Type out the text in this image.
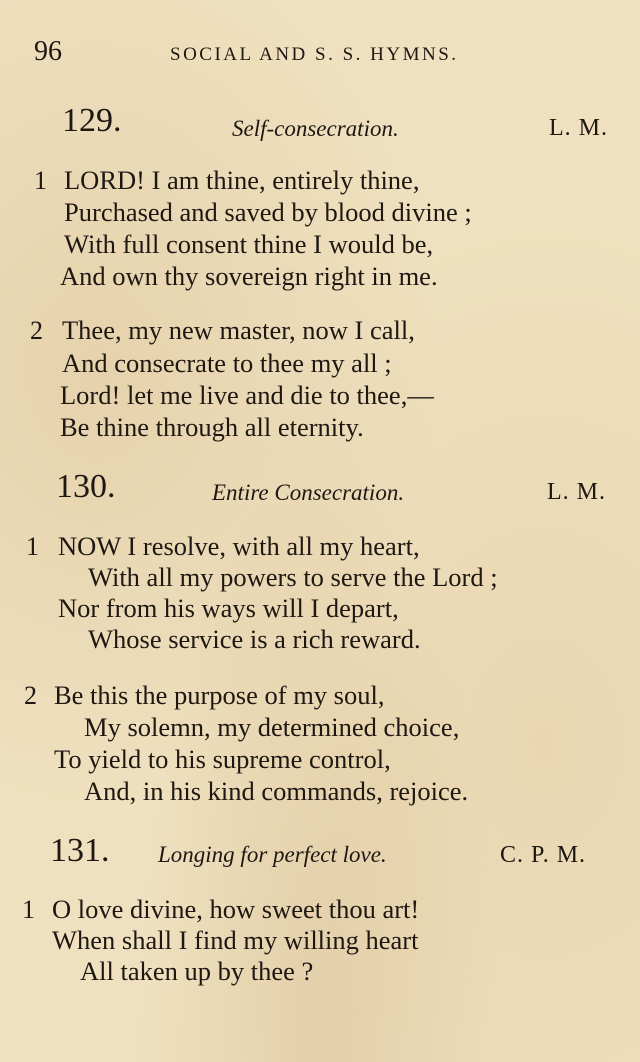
96	SOCIAL AND S. S. HYMNS.
129.	Self-consecration.	L. M.
1 LORD! I am thine, entirely thine,
Purchased and saved by blood divine ;
With full consent thine I would be,
And own thy sovereign right in me.
2 Thee, my new master, now I call,
And consecrate to thee my all ;
Lord! let me live and die to thee,—
Be thine through all eternity.
130.	Entire Consecration.	L. M.
1 NOW I resolve, with all my heart,
With all my powers to serve the Lord ;
Nor from his ways will I depart,
Whose service is a rich reward.
2 Be this the purpose of my soul,
My solemn, my determined choice,
To yield to his supreme control,
And, in his kind commands, rejoice.
131. Longing for perfect love.	C. P. M.
1 O love divine, how sweet thou art!
When shall I find my willing heart
All taken up by thee ?
